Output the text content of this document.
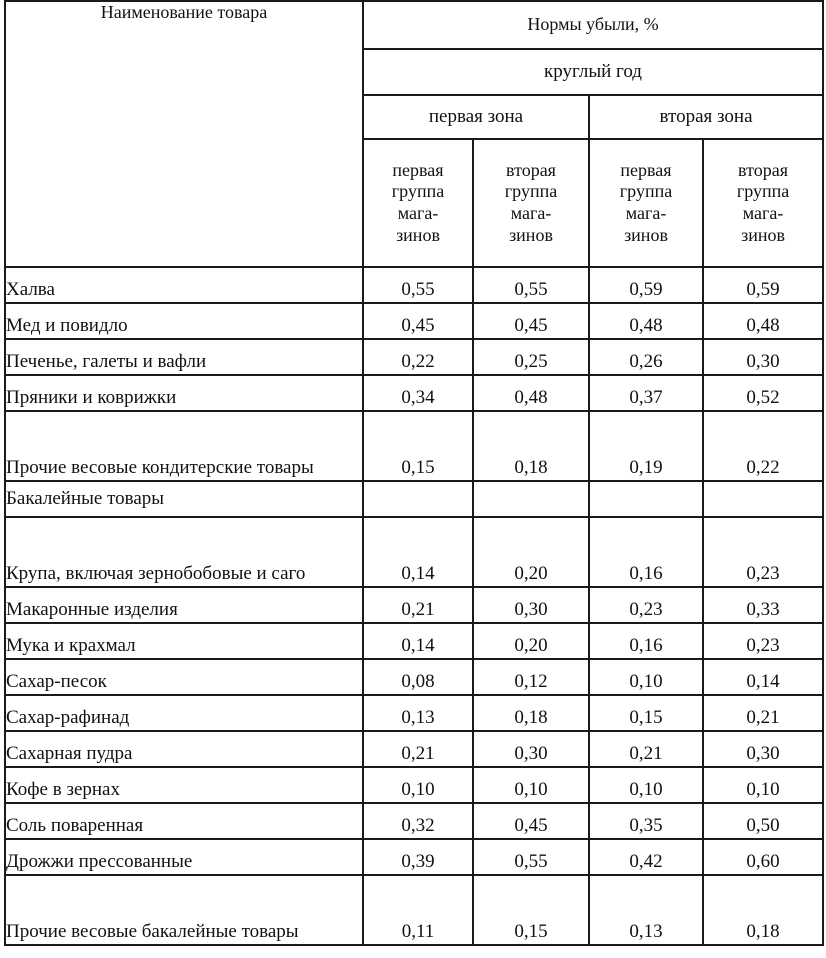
Наименование товара	Нормы убыли, %			
	круглый год			
	первая зона		вторая зона	

	первая
группа
мага-
зинов	вторая
группа
мага-
зинов	первая
группа
мага-
зинов	вторая
группа
мага-
зинов

Халва	0,55	0,55	0,59	0,59
Мед и повидло	0,45	0,45	0,48	0,48
Печенье, галеты и вафли	0,22	0,25	0,26	0,30
Пряники и коврижки	0,34	0,48	0,37	0,52
Прочие весовые кондитерские товары	0,15	0,18	0,19	0,22
Бакалейные товары				
Крупа, включая зернобобовые и саго	0,14	0,20	0,16	0,23
Макаронные изделия	0,21	0,30	0,23	0,33
Мука и крахмал	0,14	0,20	0,16	0,23
Сахар-песок	0,08	0,12	0,10	0,14
Сахар-рафинад	0,13	0,18	0,15	0,21
Сахарная пудра	0,21	0,30	0,21	0,30
Кофе в зернах	0,10	0,10	0,10	0,10
Соль поваренная	0,32	0,45	0,35	0,50
Дрожжи прессованные	0,39	0,55	0,42	0,60
Прочие весовые бакалейные товары	0,11	0,15	0,13	0,18
